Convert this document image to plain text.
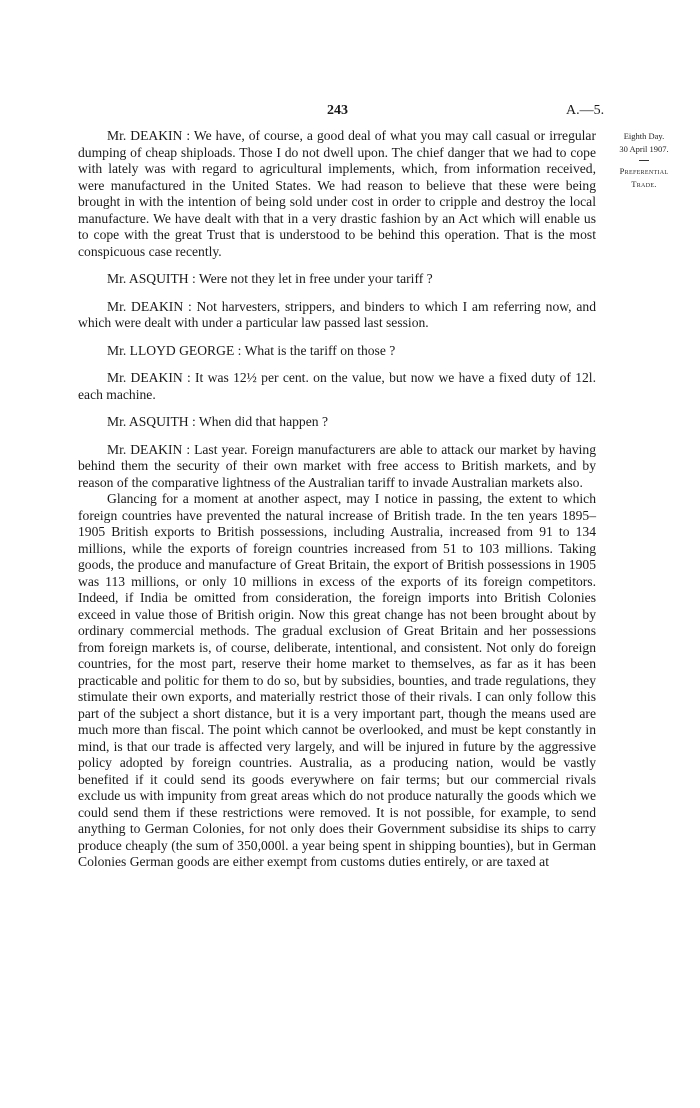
243	A.—5.
Eighth Day.
30 April 1907.
Preferential
Trade.

Mr. DEAKIN : We have, of course, a good deal of what you may call casual or irregular dumping of cheap shiploads. Those I do not dwell upon. The chief danger that we had to cope with lately was with regard to agricultural implements, which, from information received, were manufactured in the United States. We had reason to believe that these were being brought in with the intention of being sold under cost in order to cripple and destroy the local manufacture. We have dealt with that in a very drastic fashion by an Act which will enable us to cope with the great Trust that is understood to be behind this operation. That is the most conspicuous case recently.

Mr. ASQUITH : Were not they let in free under your tariff ?

Mr. DEAKIN : Not harvesters, strippers, and binders to which I am referring now, and which were dealt with under a particular law passed last session.

Mr. LLOYD GEORGE : What is the tariff on those ?

Mr. DEAKIN : It was 12½ per cent. on the value, but now we have a fixed duty of 12l. each machine.

Mr. ASQUITH : When did that happen ?

Mr. DEAKIN : Last year. Foreign manufacturers are able to attack our market by having behind them the security of their own market with free access to British markets, and by reason of the comparative lightness of the Australian tariff to invade Australian markets also.

Glancing for a moment at another aspect, may I notice in passing, the extent to which foreign countries have prevented the natural increase of British trade. In the ten years 1895–1905 British exports to British possessions, including Australia, increased from 91 to 134 millions, while the exports of foreign countries increased from 51 to 103 millions. Taking goods, the produce and manufacture of Great Britain, the export of British possessions in 1905 was 113 millions, or only 10 millions in excess of the exports of its foreign competitors. Indeed, if India be omitted from consideration, the foreign imports into British Colonies exceed in value those of British origin. Now this great change has not been brought about by ordinary commercial methods. The gradual exclusion of Great Britain and her possessions from foreign markets is, of course, deliberate, intentional, and consistent. Not only do foreign countries, for the most part, reserve their home market to themselves, as far as it has been practicable and politic for them to do so, but by subsidies, bounties, and trade regulations, they stimulate their own exports, and materially restrict those of their rivals. I can only follow this part of the subject a short distance, but it is a very important part, though the means used are much more than fiscal. The point which cannot be overlooked, and must be kept constantly in mind, is that our trade is affected very largely, and will be injured in future by the aggressive policy adopted by foreign countries. Australia, as a producing nation, would be vastly benefited if it could send its goods everywhere on fair terms; but our commercial rivals exclude us with impunity from great areas which do not produce naturally the goods which we could send them if these restrictions were removed. It is not possible, for example, to send anything to German Colonies, for not only does their Government subsidise its ships to carry produce cheaply (the sum of 350,000l. a year being spent in shipping bounties), but in German Colonies German goods are either exempt from customs duties entirely, or are taxed at
